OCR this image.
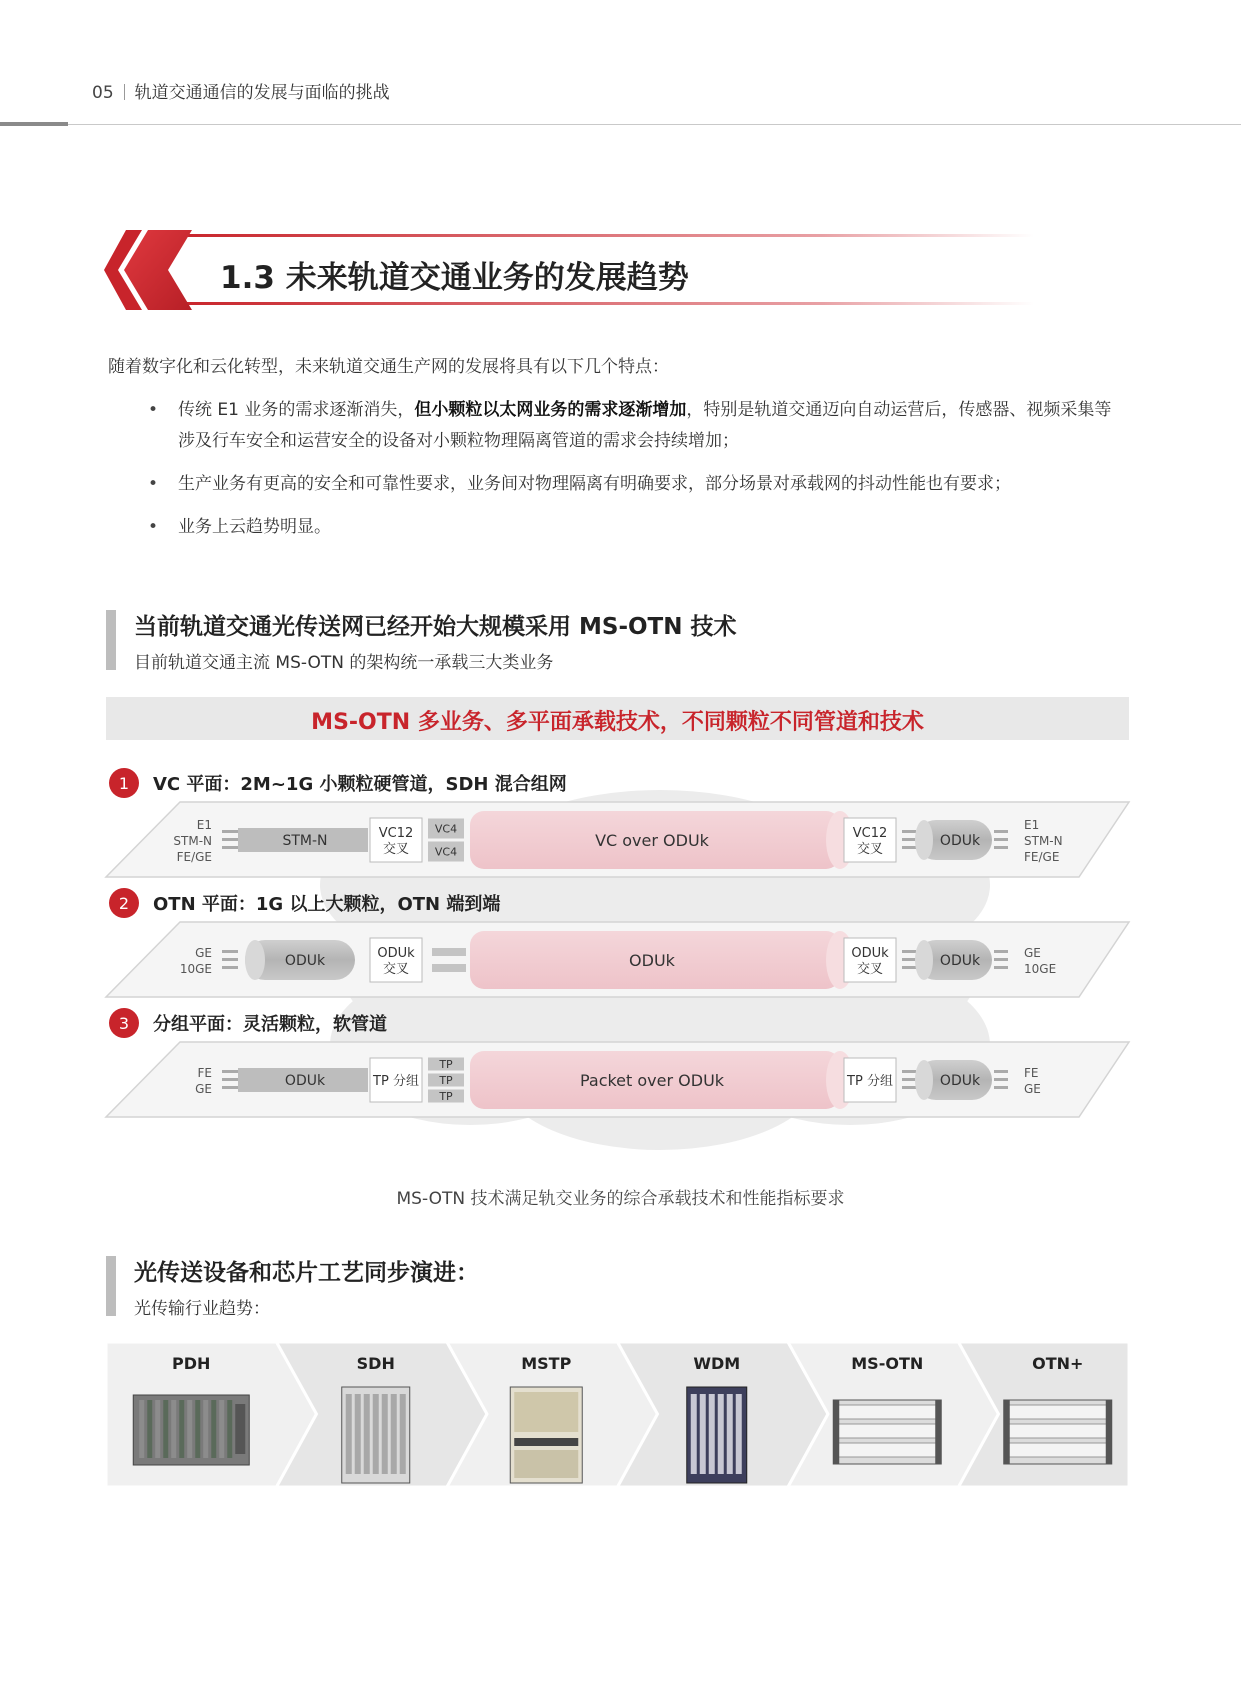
05 轨道交通通信的发展与面临的挑战
1.3 未来轨道交通业务的发展趋势
随着数字化和云化转型，未来轨道交通生产网的发展将具有以下几个特点：
• 传统 E1 业务的需求逐渐消失，但小颗粒以太网业务的需求逐渐增加，特别是轨道交通迈向自动运营后，传感器、视频采集等涉及行车安全和运营安全的设备对小颗粒物理隔离管道的需求会持续增加；
• 生产业务有更高的安全和可靠性要求，业务间对物理隔离有明确要求，部分场景对承载网的抖动性能也有要求；
• 业务上云趋势明显。
当前轨道交通光传送网已经开始大规模采用 MS-OTN 技术
目前轨道交通主流 MS-OTN 的架构统一承载三大类业务
MS-OTN 多业务、多平面承载技术，不同颗粒不同管道和技术
1 VC 平面：2M~1G 小颗粒硬管道，SDH 混合组网
E1
STM-N
FE/GE
STM-N	VC12
交叉
VC4
VC4
VC over ODUk	VC12
交叉
ODUk
E1
STM-N
FE/GE
2 OTN 平面：1G 以上大颗粒，OTN 端到端
GE
10GE	ODUk	ODUk
交叉	ODUk	ODUk
交叉
ODUk	GE
10GE
3 分组平面：灵活颗粒，软管道
FE
GE	ODUk	TP 分组
TP
TP
TP
Packet over ODUk	TP 分组	ODUk	FE
GE
MS-OTN 技术满足轨交业务的综合承载技术和性能指标要求
光传送设备和芯片工艺同步演进：
光传输行业趋势：
PDH	SDH	MSTP	WDM	MS-OTN	OTN+
